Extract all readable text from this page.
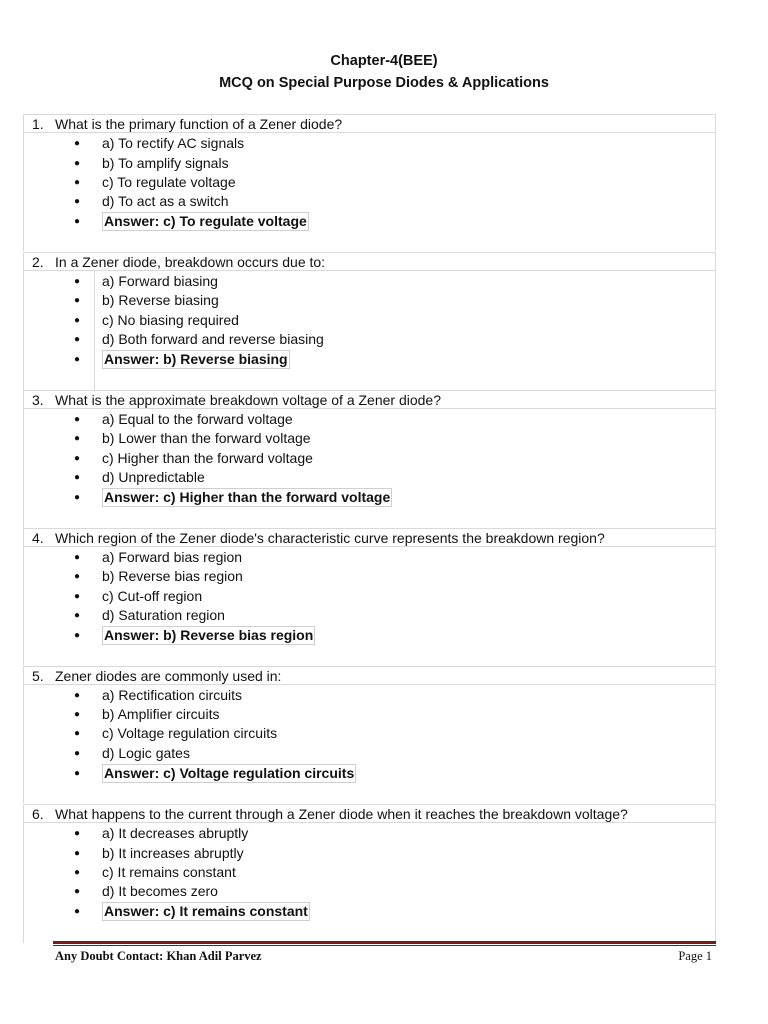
Chapter-4(BEE)
MCQ on Special Purpose Diodes & Applications
1. What is the primary function of a Zener diode?
● a) To rectify AC signals
● b) To amplify signals
● c) To regulate voltage
● d) To act as a switch
● Answer: c) To regulate voltage
2. In a Zener diode, breakdown occurs due to:
● a) Forward biasing
● b) Reverse biasing
● c) No biasing required
● d) Both forward and reverse biasing
● Answer: b) Reverse biasing
3. What is the approximate breakdown voltage of a Zener diode?
● a) Equal to the forward voltage
● b) Lower than the forward voltage
● c) Higher than the forward voltage
● d) Unpredictable
● Answer: c) Higher than the forward voltage
4. Which region of the Zener diode's characteristic curve represents the breakdown region?
● a) Forward bias region
● b) Reverse bias region
● c) Cut-off region
● d) Saturation region
● Answer: b) Reverse bias region
5. Zener diodes are commonly used in:
● a) Rectification circuits
● b) Amplifier circuits
● c) Voltage regulation circuits
● d) Logic gates
● Answer: c) Voltage regulation circuits
6. What happens to the current through a Zener diode when it reaches the breakdown voltage?
● a) It decreases abruptly
● b) It increases abruptly
● c) It remains constant
● d) It becomes zero
● Answer: c) It remains constant
Any Doubt Contact: Khan Adil Parvez	Page 1
